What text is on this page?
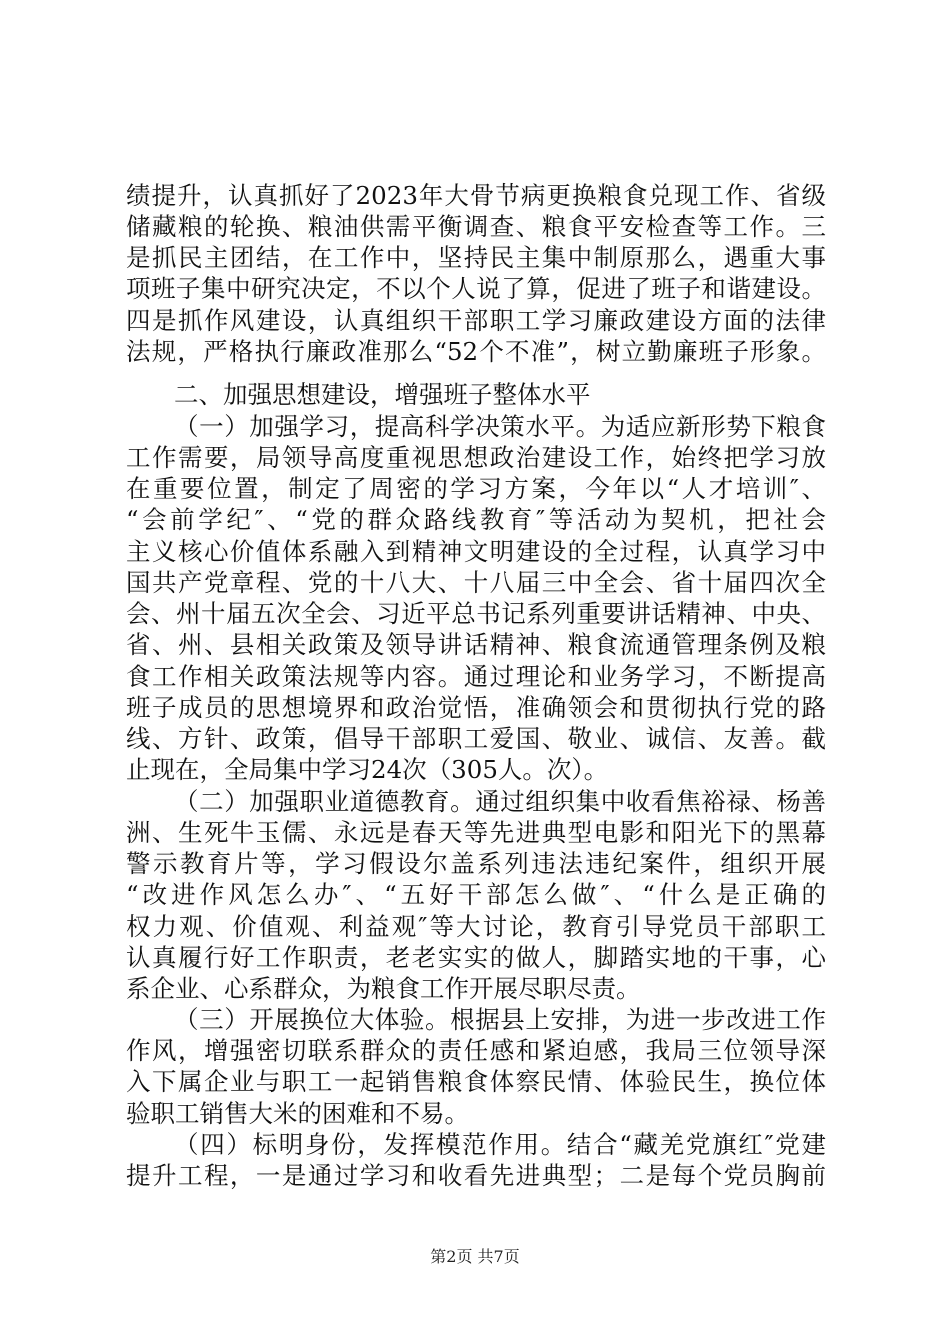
绩提升，认真抓好了2023年大骨节病更换粮食兑现工作、省级
储藏粮的轮换、粮油供需平衡调查、粮食平安检查等工作。三
是抓民主团结，在工作中，坚持民主集中制原那么，遇重大事
项班子集中研究决定，不以个人说了算，促进了班子和谐建设。
四是抓作风建设，认真组织干部职工学习廉政建设方面的法律
法规，严格执行廉政准那么“52个不准”，树立勤廉班子形象。
二、加强思想建设，增强班子整体水平
（一）加强学习，提高科学决策水平。为适应新形势下粮食
工作需要，局领导高度重视思想政治建设工作，始终把学习放
在重要位置，制定了周密的学习方案，今年以“人才培训″、
“会前学纪″、“党的群众路线教育″等活动为契机，把社会
主义核心价值体系融入到精神文明建设的全过程，认真学习中
国共产党章程、党的十八大、十八届三中全会、省十届四次全
会、州十届五次全会、习近平总书记系列重要讲话精神、中央、
省、州、县相关政策及领导讲话精神、粮食流通管理条例及粮
食工作相关政策法规等内容。通过理论和业务学习，不断提高
班子成员的思想境界和政治觉悟，准确领会和贯彻执行党的路
线、方针、政策，倡导干部职工爱国、敬业、诚信、友善。截
止现在，全局集中学习24次（305人。次）。
（二）加强职业道德教育。通过组织集中收看焦裕禄、杨善
洲、生死牛玉儒、永远是春天等先进典型电影和阳光下的黑幕
警示教育片等，学习假设尔盖系列违法违纪案件，组织开展
“改进作风怎么办″、“五好干部怎么做″、“什么是正确的
权力观、价值观、利益观″等大讨论，教育引导党员干部职工
认真履行好工作职责，老老实实的做人，脚踏实地的干事，心
系企业、心系群众，为粮食工作开展尽职尽责。
（三）开展换位大体验。根据县上安排，为进一步改进工作
作风，增强密切联系群众的责任感和紧迫感，我局三位领导深
入下属企业与职工一起销售粮食体察民情、体验民生，换位体
验职工销售大米的困难和不易。
第2页 共7页
（四）标明身份，发挥模范作用。结合“藏羌党旗红″党建
提升工程，一是通过学习和收看先进典型；二是每个党员胸前
